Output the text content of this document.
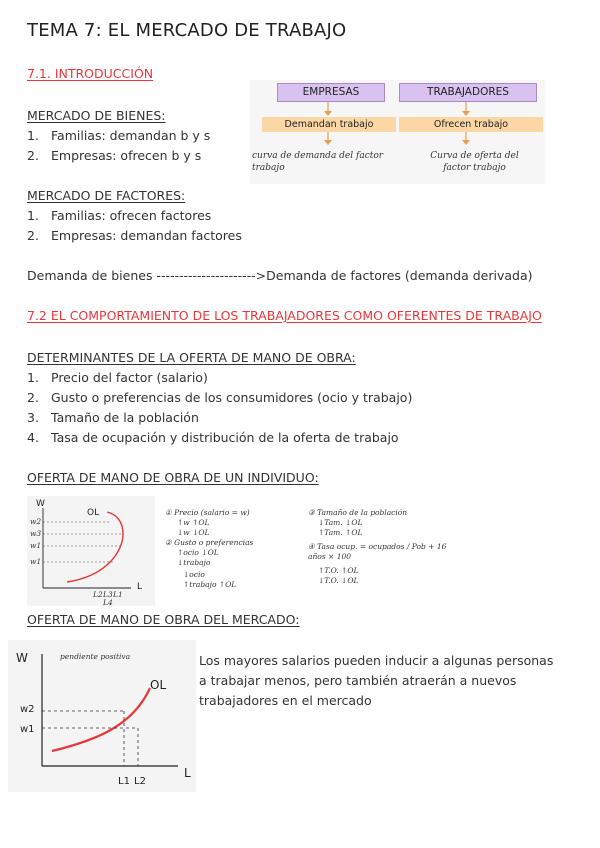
TEMA 7: EL MERCADO DE TRABAJO
7.1. INTRODUCCIÓN
MERCADO DE BIENES:
1. Familias: demandan b y s
2. Empresas: ofrecen b y s
EMPRESAS	TRABAJADORES
Demandan trabajo	Ofrecen trabajo
curva de demanda del factor trabajo
Curva de oferta del factor trabajo
MERCADO DE FACTORES:
1. Familias: ofrecen factores
2. Empresas: demandan factores
Demanda de bienes ---------------------->Demanda de factores (demanda derivada)
7.2 EL COMPORTAMIENTO DE LOS TRABAJADORES COMO OFERENTES DE TRABAJO
DETERMINANTES DE LA OFERTA DE MANO DE OBRA:
1. Precio del factor (salario)
2. Gusto o preferencias de los consumidores (ocio y trabajo)
3. Tamaño de la población
4. Tasa de ocupación y distribución de la oferta de trabajo
OFERTA DE MANO DE OBRA DE UN INDIVIDUO:
W
L
OL
w2
w3
w1
w1
L2 L3 L1
L4
① Precio (salario = w)
↑w ↑OL
↓w ↓OL
② Gusto o preferencias
↑ocio ↓OL
↓trabajo
↓ocio
↑trabajo ↑OL
③ Tamaño de la población
↓Tam. ↓OL
↑Tam. ↑OL
④ Tasa ocup. = ocupados / Pob + 16 años × 100
↑T.O. ↑OL
↓T.O. ↓OL
OFERTA DE MANO DE OBRA DEL MERCADO:
W
L
OL
pendiente positiva
w2
w1
L1 L2
Los mayores salarios pueden inducir a algunas personas a trabajar menos, pero también atraerán a nuevos trabajadores en el mercado
